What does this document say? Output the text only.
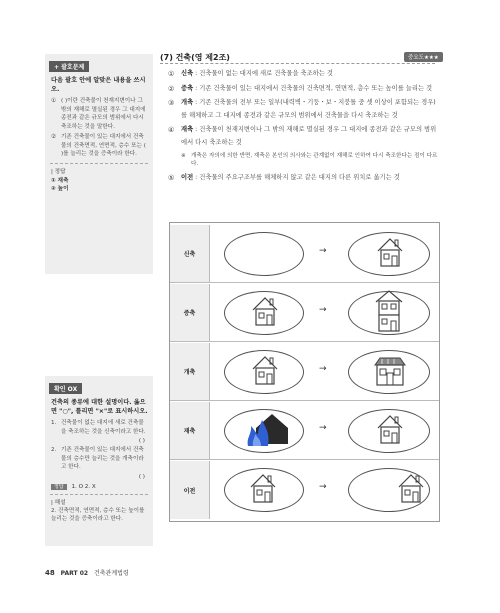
+ 괄호문제
다음 괄호 안에 알맞은 내용을 쓰시오.
① ( )이란 건축물이 천재지변이나 그 밖의 재해로 멸실된 경우 그 대지에 종전과 같은 규모의 범위에서 다시 축조하는 것을 말한다.
② 기존 건축물이 있는 대지에서 건축물의 건축면적, 연면적, 층수 또는 ( )를 늘리는 것을 증축이라 한다.
| 정답
① 재축
② 높이
확인 OX
건축의 종류에 대한 설명이다. 옳으면 "○", 틀리면 "×"로 표시하시오.
1. 건축물이 없는 대지에 새로 건축물을 축조하는 것을 신축이라고 한다.
( )
2. 기존 건축물이 있는 대지에서 건축물의 층수만 늘리는 것을 개축이라고 한다.
( )
정답 1. O 2. X
| 해설
2. 건축면적, 연면적, 층수 또는 높이를 늘리는 것을 증축이라고 한다.
(7) 건축(영 제2조)	중요도★★★
①	신축 : 건축물이 없는 대지에 새로 건축물을 축조하는 것
②	증축 : 기존 건축물이 있는 대지에서 건축물의 건축면적, 연면적, 층수 또는 높이를 늘리는 것
③	개축 : 기존 건축물의 전부 또는 일부(내력벽・기둥・보・지붕틀 중 셋 이상이 포함되는 경우)를 해체하고 그 대지에 종전과 같은 규모의 범위에서 건축물을 다시 축조하는 것
④	재축 : 건축물이 천재지변이나 그 밖의 재해로 멸실된 경우 그 대지에 종전과 같은 규모의 범위에서 다시 축조하는 것
※ 개축은 자의에 의한 반면, 재축은 본인의 의사와는 관계없이 재해로 인하여 다시 축조한다는 점이 다르다.
⑤	이전 : 건축물의 주요구조부를 해체하지 않고 같은 대지의 다른 위치로 옮기는 것
신축	→
증축	→
개축	→
재축	→
이전	→
48 PART 02 건축관계법령
